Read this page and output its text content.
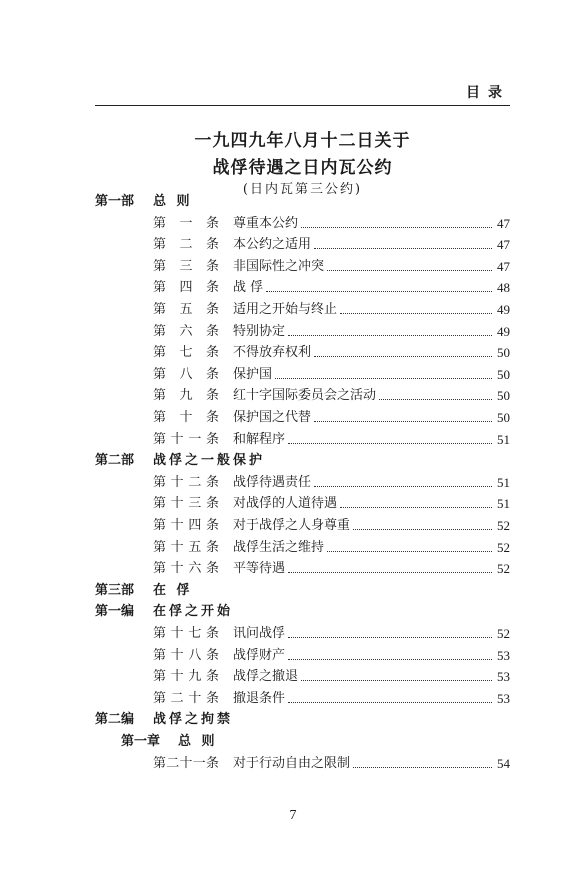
目录
一九四九年八月十二日关于
战俘待遇之日内瓦公约
(日内瓦第三公约)
第一部 总 则
第一条 尊重本公约	47
第二条 本公约之适用	47
第三条 非国际性之冲突	47
第四条 战 俘	48
第五条 适用之开始与终止	49
第六条 特别协定	49
第七条 不得放弃权利	50
第八条 保护国	50
第九条 红十字国际委员会之活动	50
第十条 保护国之代替	50
第十一条 和解程序	51
第二部 战俘之一般保护
第十二条 战俘待遇责任	51
第十三条 对战俘的人道待遇	51
第十四条 对于战俘之人身尊重	52
第十五条 战俘生活之维持	52
第十六条 平等待遇	52
第三部 在 俘
第一编 在俘之开始
第十七条 讯问战俘	52
第十八条 战俘财产	53
第十九条 战俘之撤退	53
第二十条 撤退条件	53
第二编 战俘之拘禁
第一章 总 则
第二十一条 对于行动自由之限制	54
7
